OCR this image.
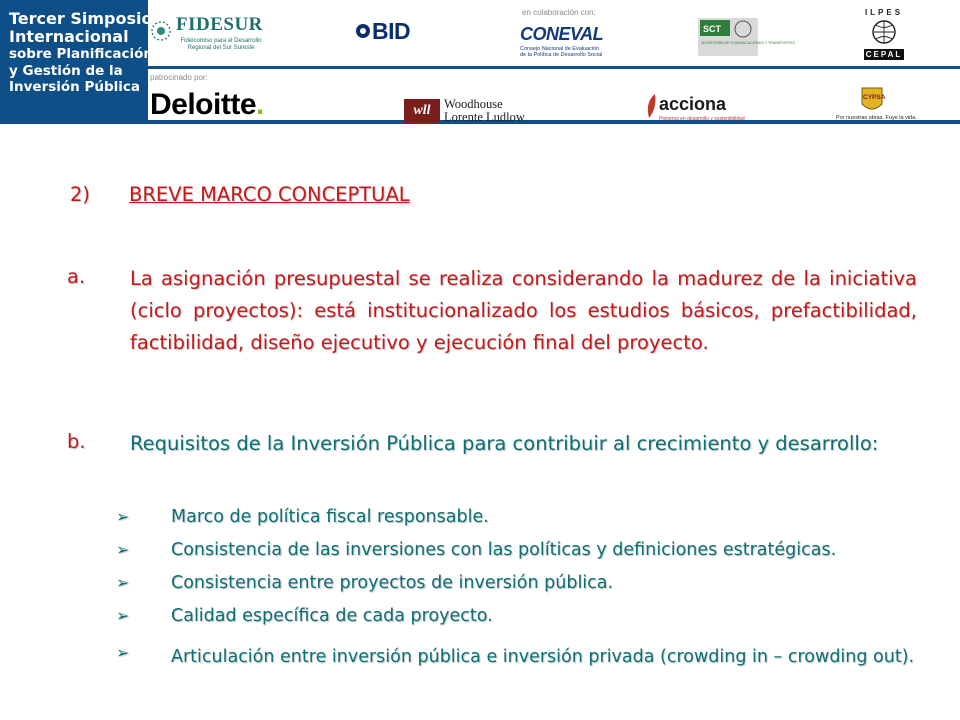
Tercer Simposio
Internacional
sobre Planificación
y Gestión de la
Inversión Pública
en colaboración con:
patrocinado por:
FIDESUR
Fideicomiso para el Desarrollo Regional del Sur Sureste
BID	CONEVAL
Consejo Nacional de Evaluación de la Política de Desarrollo Social
SCT
SECRETARÍA DE COMUNICACIONES Y TRANSPORTES
ILPES
CEPAL
Deloitte.	wll	Woodhouse
Lorente Ludlow
acciona
Pioneros en desarrollo y sostenibilidad
CYPSA
Por nuestras obras. Fuye la vida.
2) BREVE MARCO CONCEPTUAL
a. La asignación presupuestal se realiza considerando la madurez de la iniciativa (ciclo proyectos): está institucionalizado los estudios básicos, prefactibilidad, factibilidad, diseño ejecutivo y ejecución final del proyecto.
b. Requisitos de la Inversión Pública para contribuir al crecimiento y desarrollo:
➢ Marco de política fiscal responsable.
➢ Consistencia de las inversiones con las políticas y definiciones estratégicas.
➢ Consistencia entre proyectos de inversión pública.
➢ Calidad específica de cada proyecto.
➢ Articulación entre inversión pública e inversión privada (crowding in – crowding out).
